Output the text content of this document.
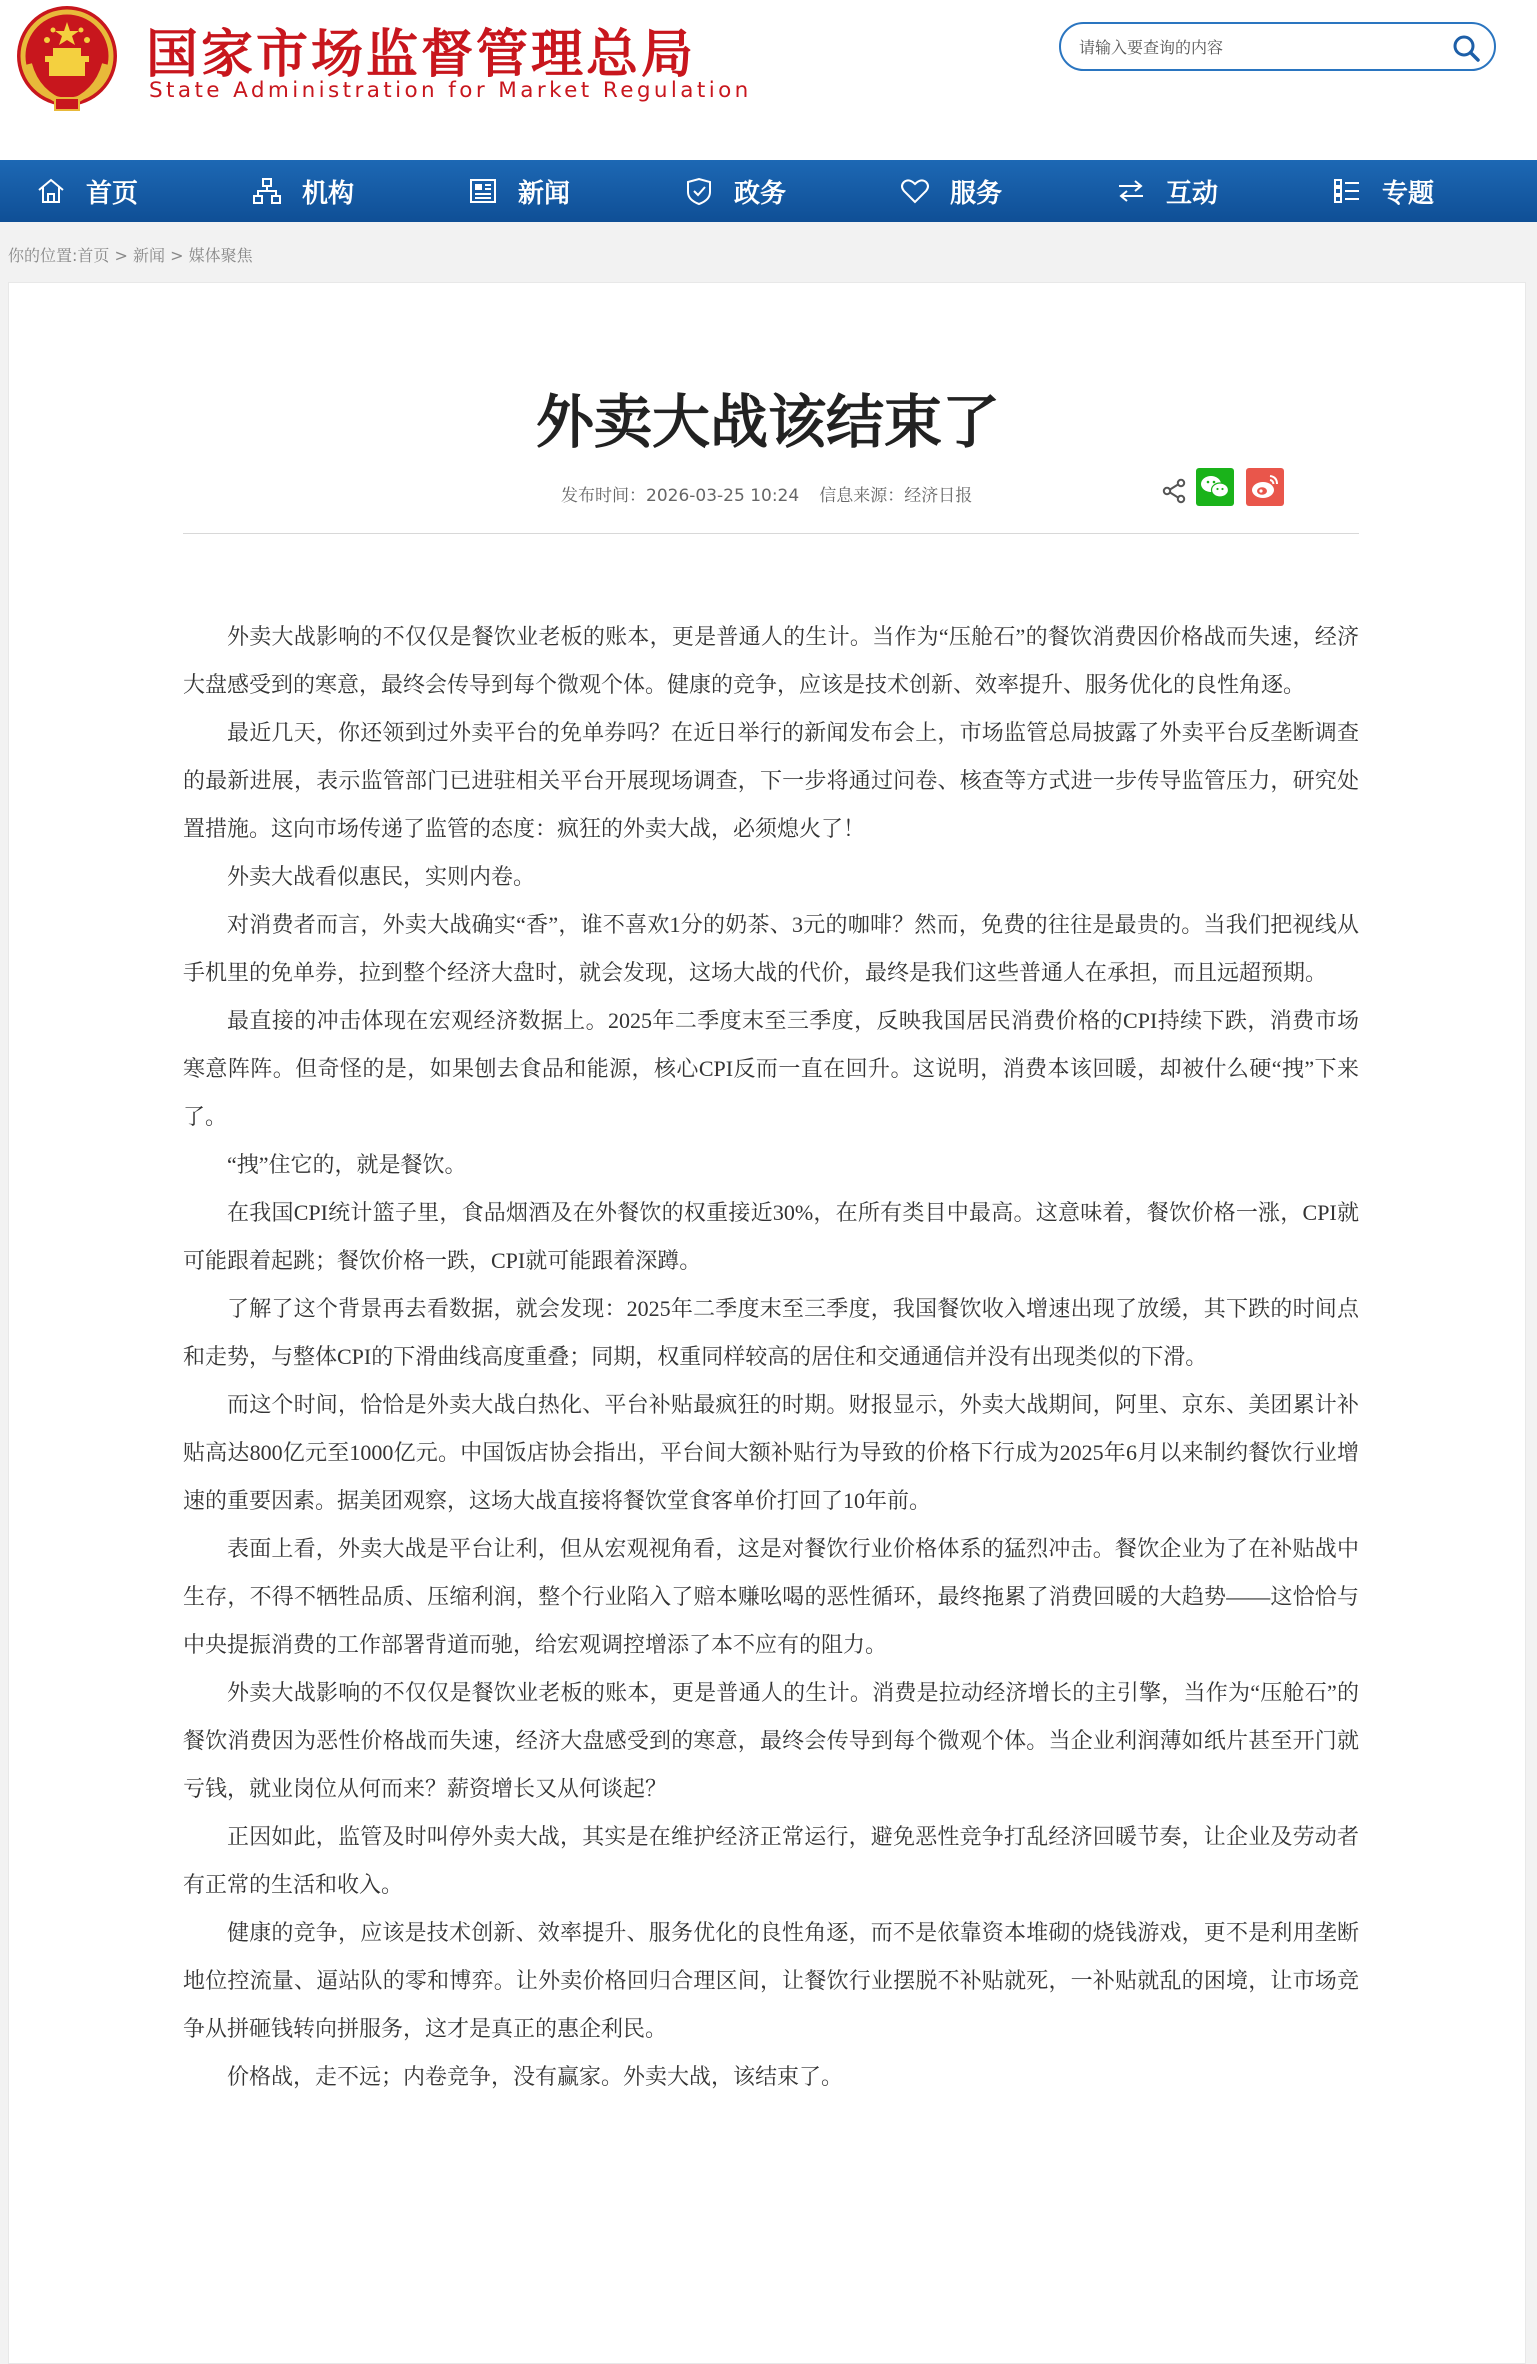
国家市场监督管理总局
State Administration for Market Regulation
请输入要查询的内容
首页	机构	新闻	政务	服务	互动	专题
你的位置:首页 > 新闻 > 媒体聚焦
外卖大战该结束了
发布时间：2026-03-25 10:24 信息来源：经济日报

外卖大战影响的不仅仅是餐饮业老板的账本，更是普通人的生计。当作为“压舱石”的餐饮消费因价格战而失速，经济大盘感受到的寒意，最终会传导到每个微观个体。健康的竞争，应该是技术创新、效率提升、服务优化的良性角逐。

最近几天，你还领到过外卖平台的免单券吗？在近日举行的新闻发布会上，市场监管总局披露了外卖平台反垄断调查的最新进展，表示监管部门已进驻相关平台开展现场调查，下一步将通过问卷、核查等方式进一步传导监管压力，研究处置措施。这向市场传递了监管的态度：疯狂的外卖大战，必须熄火了！

外卖大战看似惠民，实则内卷。

对消费者而言，外卖大战确实“香”，谁不喜欢1分的奶茶、3元的咖啡？然而，免费的往往是最贵的。当我们把视线从手机里的免单券，拉到整个经济大盘时，就会发现，这场大战的代价，最终是我们这些普通人在承担，而且远超预期。

最直接的冲击体现在宏观经济数据上。2025年二季度末至三季度，反映我国居民消费价格的CPI持续下跌，消费市场寒意阵阵。但奇怪的是，如果刨去食品和能源，核心CPI反而一直在回升。这说明，消费本该回暖，却被什么硬“拽”下来了。

“拽”住它的，就是餐饮。

在我国CPI统计篮子里，食品烟酒及在外餐饮的权重接近30%，在所有类目中最高。这意味着，餐饮价格一涨，CPI就可能跟着起跳；餐饮价格一跌，CPI就可能跟着深蹲。

了解了这个背景再去看数据，就会发现：2025年二季度末至三季度，我国餐饮收入增速出现了放缓，其下跌的时间点和走势，与整体CPI的下滑曲线高度重叠；同期，权重同样较高的居住和交通通信并没有出现类似的下滑。

而这个时间，恰恰是外卖大战白热化、平台补贴最疯狂的时期。财报显示，外卖大战期间，阿里、京东、美团累计补贴高达800亿元至1000亿元。中国饭店协会指出，平台间大额补贴行为导致的价格下行成为2025年6月以来制约餐饮行业增速的重要因素。据美团观察，这场大战直接将餐饮堂食客单价打回了10年前。

表面上看，外卖大战是平台让利，但从宏观视角看，这是对餐饮行业价格体系的猛烈冲击。餐饮企业为了在补贴战中生存，不得不牺牲品质、压缩利润，整个行业陷入了赔本赚吆喝的恶性循环，最终拖累了消费回暖的大趋势——这恰恰与中央提振消费的工作部署背道而驰，给宏观调控增添了本不应有的阻力。

外卖大战影响的不仅仅是餐饮业老板的账本，更是普通人的生计。消费是拉动经济增长的主引擎，当作为“压舱石”的餐饮消费因为恶性价格战而失速，经济大盘感受到的寒意，最终会传导到每个微观个体。当企业利润薄如纸片甚至开门就亏钱，就业岗位从何而来？薪资增长又从何谈起？

正因如此，监管及时叫停外卖大战，其实是在维护经济正常运行，避免恶性竞争打乱经济回暖节奏，让企业及劳动者有正常的生活和收入。

健康的竞争，应该是技术创新、效率提升、服务优化的良性角逐，而不是依靠资本堆砌的烧钱游戏，更不是利用垄断地位控流量、逼站队的零和博弈。让外卖价格回归合理区间，让餐饮行业摆脱不补贴就死，一补贴就乱的困境，让市场竞争从拼砸钱转向拼服务，这才是真正的惠企利民。

价格战，走不远；内卷竞争，没有赢家。外卖大战，该结束了。
